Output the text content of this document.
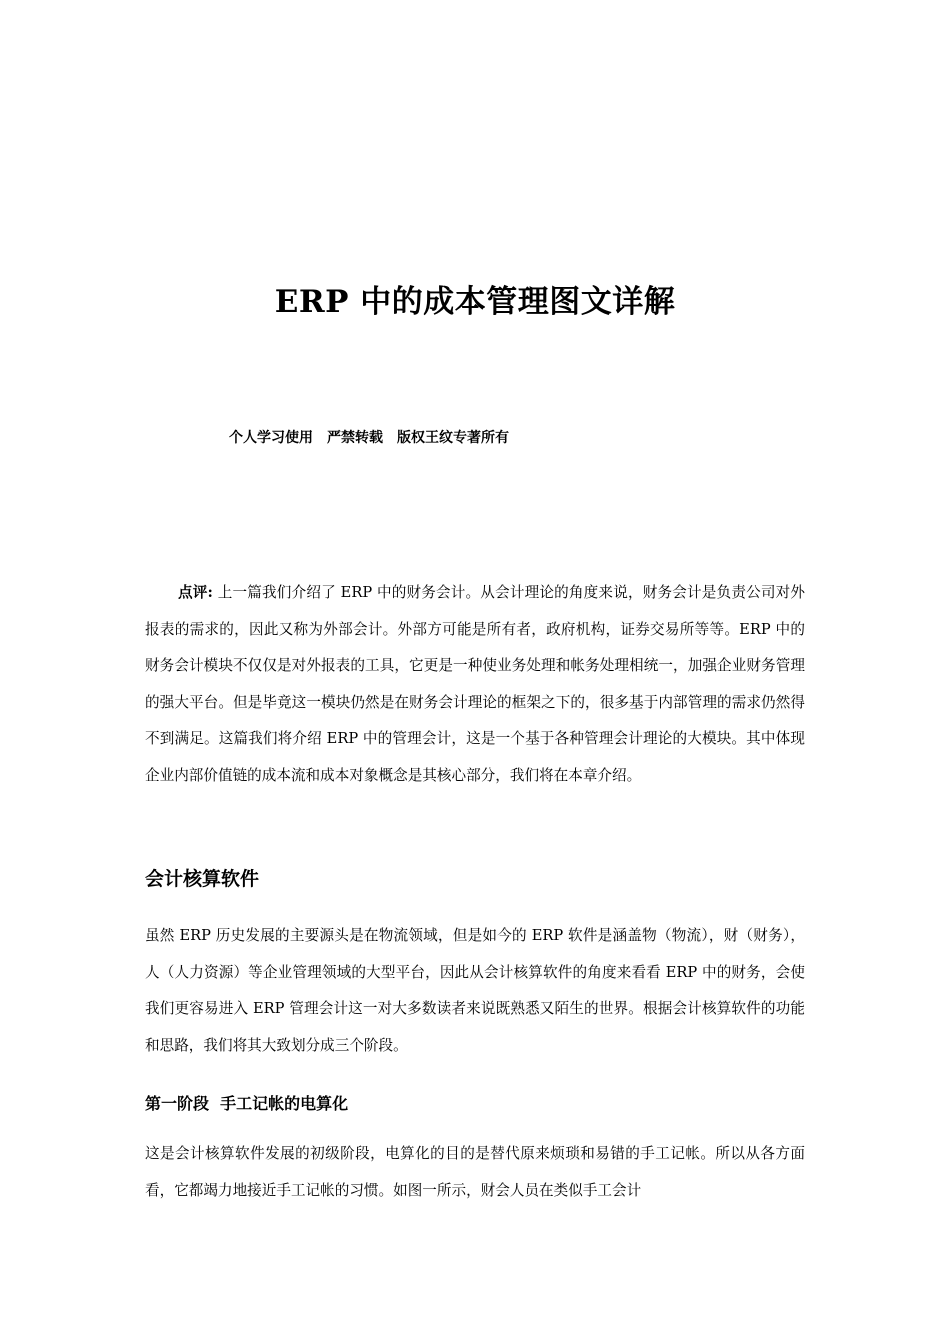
ERP 中的成本管理图文详解
个人学习使用　严禁转载　版权王纹专著所有

点评: 上一篇我们介绍了 ERP 中的财务会计。从会计理论的角度来说，财务会计是负责公司对外报表的需求的，因此又称为外部会计。外部方可能是所有者，政府机构，证券交易所等等。ERP 中的财务会计模块不仅仅是对外报表的工具，它更是一种使业务处理和帐务处理相统一，加强企业财务管理的强大平台。但是毕竟这一模块仍然是在财务会计理论的框架之下的，很多基于内部管理的需求仍然得不到满足。这篇我们将介绍 ERP 中的管理会计，这是一个基于各种管理会计理论的大模块。其中体现企业内部价值链的成本流和成本对象概念是其核心部分，我们将在本章介绍。

会计核算软件

虽然 ERP 历史发展的主要源头是在物流领域，但是如今的 ERP 软件是涵盖物（物流），财（财务），人（人力资源）等企业管理领域的大型平台，因此从会计核算软件的角度来看看 ERP 中的财务，会使我们更容易进入 ERP 管理会计这一对大多数读者来说既熟悉又陌生的世界。根据会计核算软件的功能和思路，我们将其大致划分成三个阶段。

第一阶段  手工记帐的电算化

这是会计核算软件发展的初级阶段，电算化的目的是替代原来烦琐和易错的手工记帐。所以从各方面看，它都竭力地接近手工记帐的习惯。如图一所示，财会人员在类似手工会计
